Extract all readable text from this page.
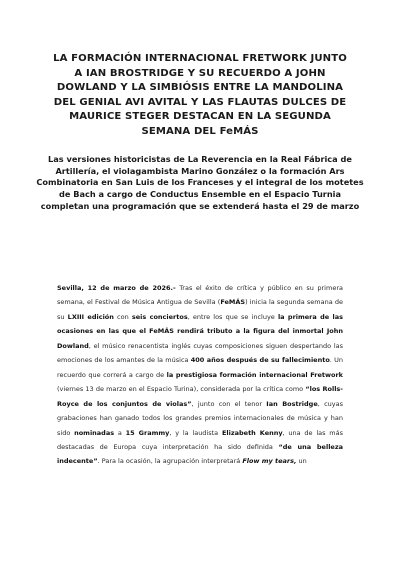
LA FORMACIÓN INTERNACIONAL FRETWORK JUNTO A IAN BROSTRIDGE Y SU RECUERDO A JOHN DOWLAND Y LA SIMBIÓSIS ENTRE LA MANDOLINA DEL GENIAL AVI AVITAL Y LAS FLAUTAS DULCES DE MAURICE STEGER DESTACAN EN LA SEGUNDA SEMANA DEL FeMÁS
Las versiones historicistas de La Reverencia en la Real Fábrica de Artillería, el violagambista Marino González o la formación Ars Combinatoria en San Luis de los Franceses y el integral de los motetes de Bach a cargo de Conductus Ensemble en el Espacio Turnia completan una programación que se extenderá hasta el 29 de marzo

Sevilla, 12 de marzo de 2026.- Tras el éxito de crítica y público en su primera semana, el Festival de Música Antigua de Sevilla (FeMÁS) inicia la segunda semana de su LXIII edición con seis conciertos, entre los que se incluye la primera de las ocasiones en las que el FeMÁS rendirá tributo a la figura del inmortal John Dowland, el músico renacentista inglés cuyas composiciones siguen despertando las emociones de los amantes de la música 400 años después de su fallecimiento. Un recuerdo que correrá a cargo de la prestigiosa formación internacional Fretwork (viernes 13 de marzo en el Espacio Turina), considerada por la crítica como “los Rolls-Royce de los conjuntos de violas”, junto con el tenor Ian Bostridge, cuyas grabaciones han ganado todos los grandes premios internacionales de música y han sido nominadas a 15 Grammy, y la laudista Elizabeth Kenny, una de las más destacadas de Europa cuya interpretación ha sido definida “de una belleza indecente”. Para la ocasión, la agrupación interpretará Flow my tears, un
